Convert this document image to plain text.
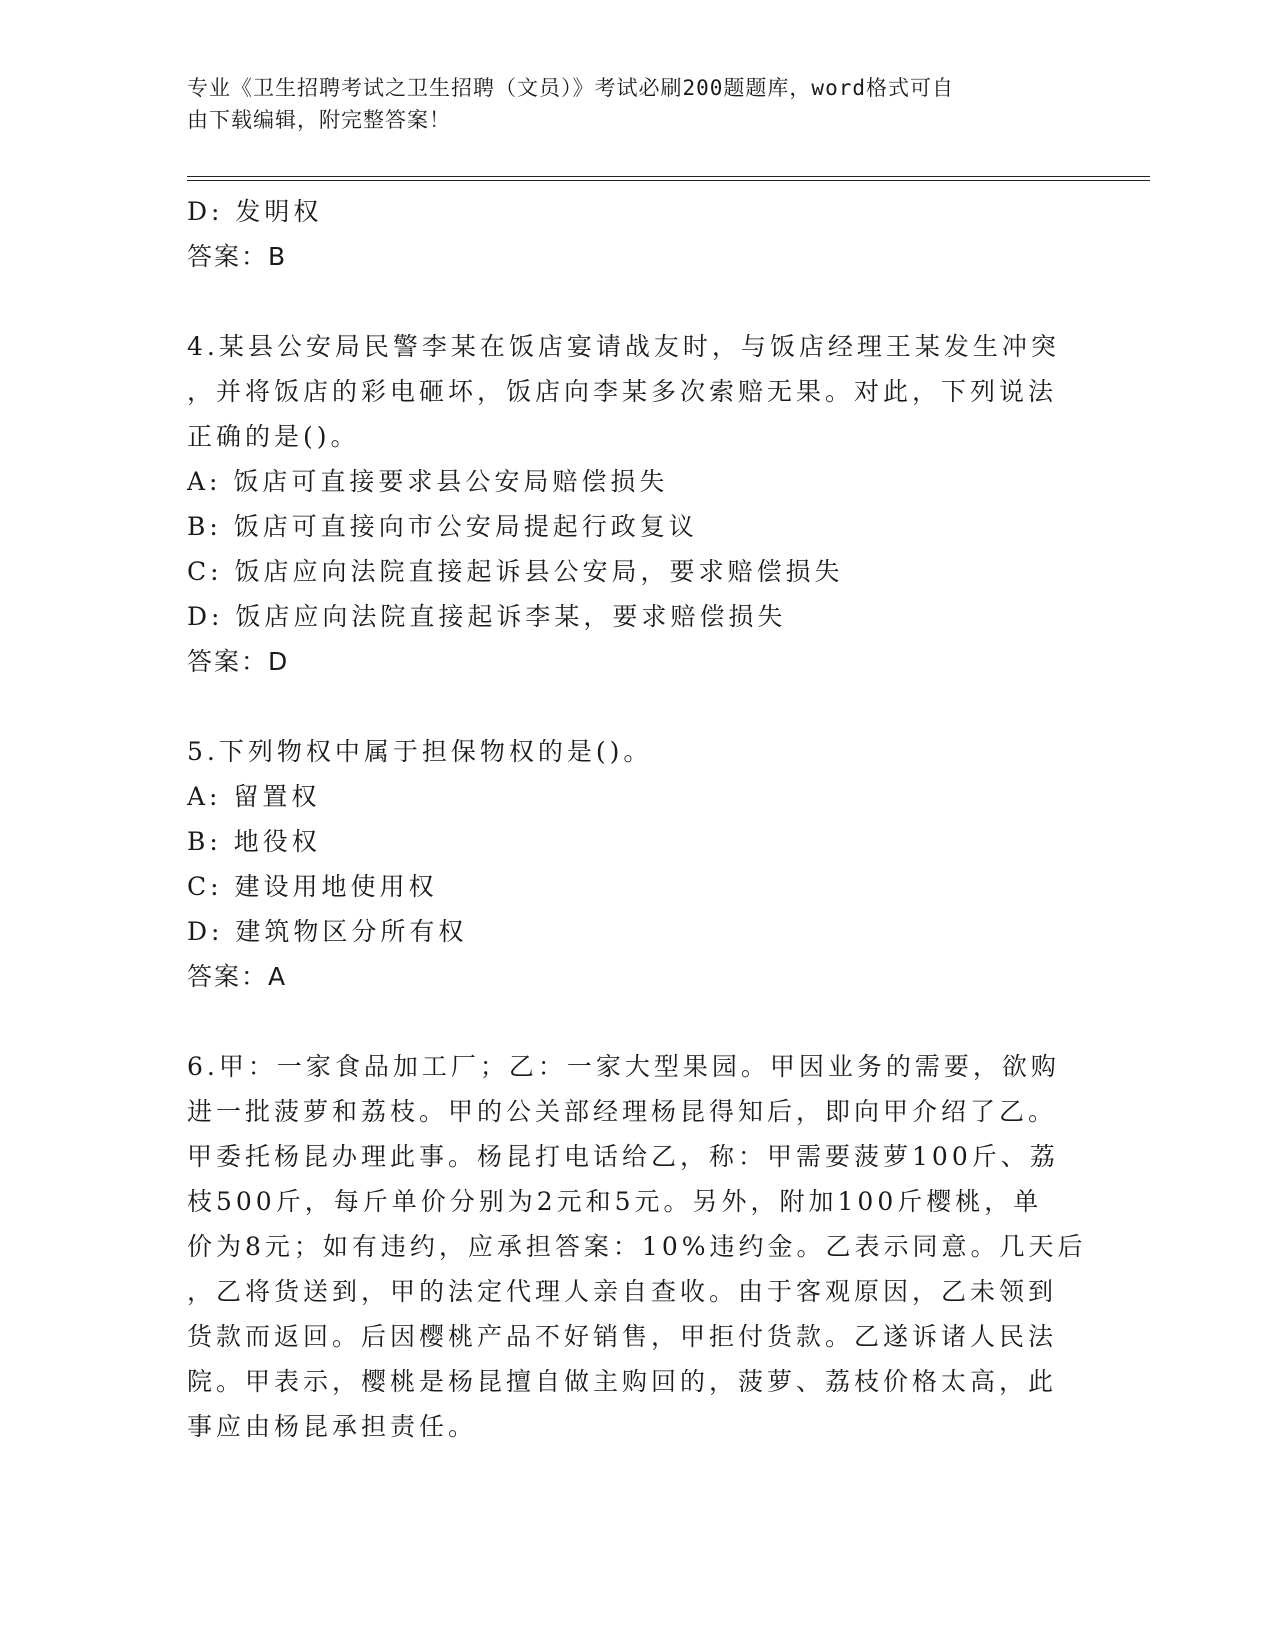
专业《卫生招聘考试之卫生招聘（文员）》考试必刷200题题库，word格式可自
由下载编辑，附完整答案！
D: 发明权
答案：B
4.某县公安局民警李某在饭店宴请战友时，与饭店经理王某发生冲突
，并将饭店的彩电砸坏，饭店向李某多次索赔无果。对此，下列说法
正确的是()。
A: 饭店可直接要求县公安局赔偿损失
B: 饭店可直接向市公安局提起行政复议
C: 饭店应向法院直接起诉县公安局，要求赔偿损失
D: 饭店应向法院直接起诉李某，要求赔偿损失
答案：D
5.下列物权中属于担保物权的是()。
A: 留置权
B: 地役权
C: 建设用地使用权
D: 建筑物区分所有权
答案：A
6.甲：一家食品加工厂；乙：一家大型果园。甲因业务的需要，欲购
进一批菠萝和荔枝。甲的公关部经理杨昆得知后，即向甲介绍了乙。
甲委托杨昆办理此事。杨昆打电话给乙，称：甲需要菠萝100斤、荔
枝500斤，每斤单价分别为2元和5元。另外，附加100斤樱桃，单
价为8元；如有违约，应承担答案：10%违约金。乙表示同意。几天后
，乙将货送到，甲的法定代理人亲自查收。由于客观原因，乙未领到
货款而返回。后因樱桃产品不好销售，甲拒付货款。乙遂诉诸人民法
院。甲表示，樱桃是杨昆擅自做主购回的，菠萝、荔枝价格太高，此
事应由杨昆承担责任。
